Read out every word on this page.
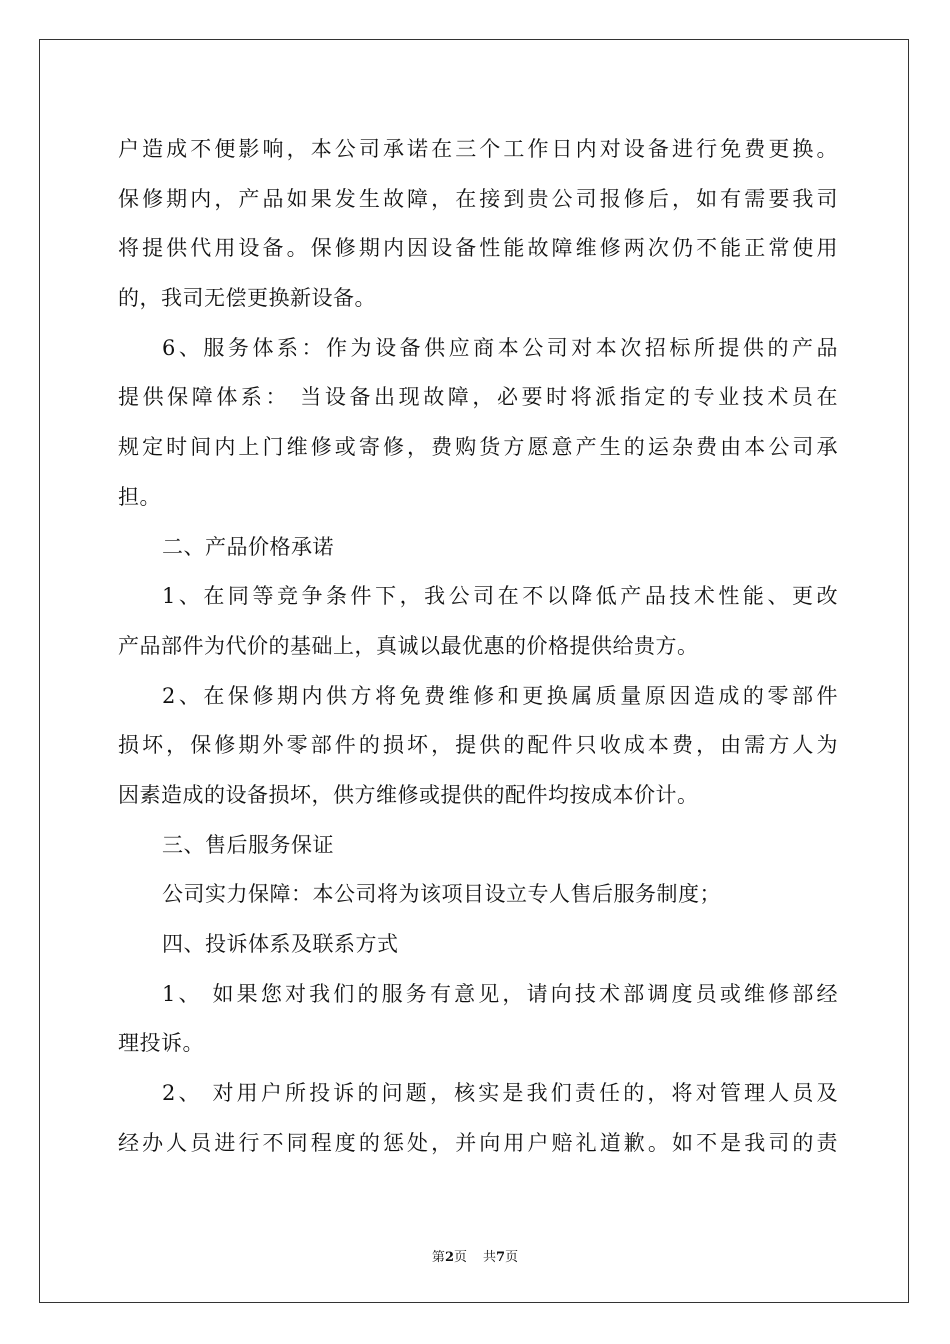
户造成不便影响，本公司承诺在三个工作日内对设备进行免费更换。
保修期内，产品如果发生故障，在接到贵公司报修后，如有需要我司
将提供代用设备。保修期内因设备性能故障维修两次仍不能正常使用
的，我司无偿更换新设备。
6、服务体系：作为设备供应商本公司对本次招标所提供的产品
提供保障体系： 当设备出现故障，必要时将派指定的专业技术员在
规定时间内上门维修或寄修，费购货方愿意产生的运杂费由本公司承
担。
二、产品价格承诺
1、在同等竞争条件下，我公司在不以降低产品技术性能、更改
产品部件为代价的基础上，真诚以最优惠的价格提供给贵方。
2、在保修期内供方将免费维修和更换属质量原因造成的零部件
损坏，保修期外零部件的损坏，提供的配件只收成本费，由需方人为
因素造成的设备损坏，供方维修或提供的配件均按成本价计。
三、售后服务保证
公司实力保障：本公司将为该项目设立专人售后服务制度；
四、投诉体系及联系方式
1、 如果您对我们的服务有意见，请向技术部调度员或维修部经
理投诉。
2、 对用户所投诉的问题，核实是我们责任的，将对管理人员及
经办人员进行不同程度的惩处，并向用户赔礼道歉。如不是我司的责
第2页 共7页
